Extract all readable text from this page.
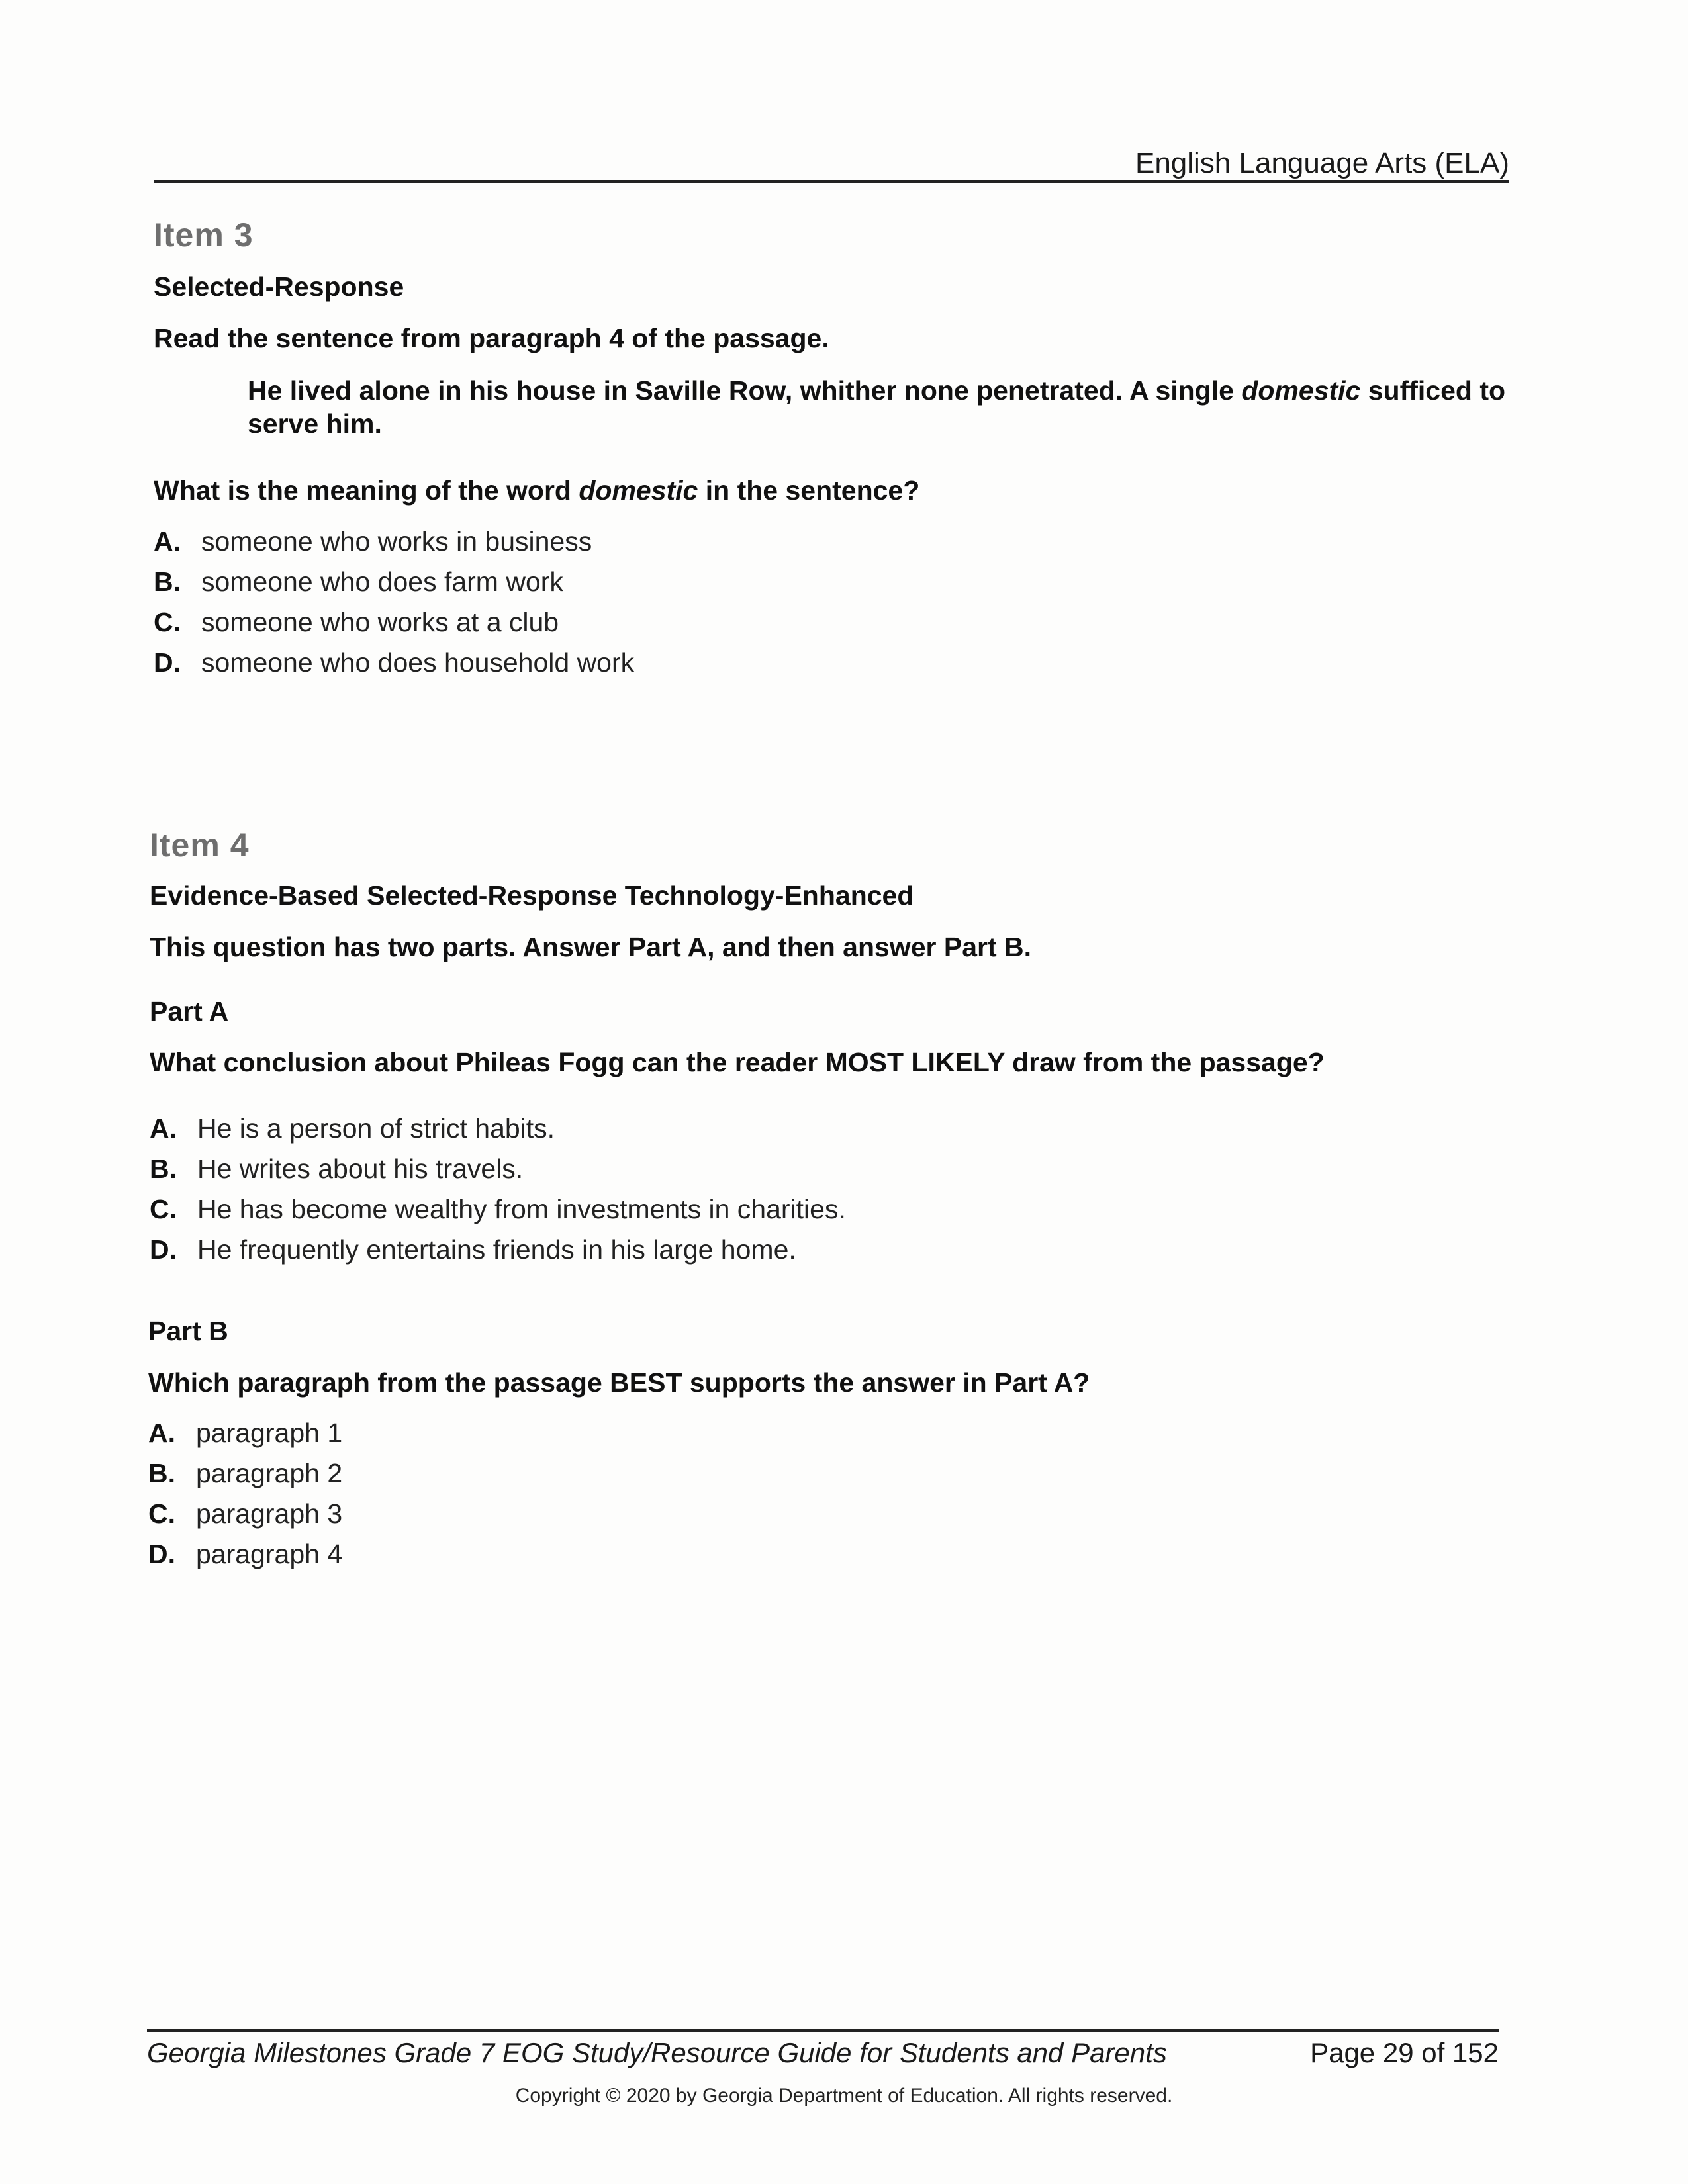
English Language Arts (ELA)
Item 3
Selected-Response
Read the sentence from paragraph 4 of the passage.
He lived alone in his house in Saville Row, whither none penetrated. A single domestic sufficed to serve him.
What is the meaning of the word domestic in the sentence?
A. someone who works in business
B. someone who does farm work
C. someone who works at a club
D. someone who does household work
Item 4
Evidence-Based Selected-Response Technology-Enhanced
This question has two parts. Answer Part A, and then answer Part B.
Part A
What conclusion about Phileas Fogg can the reader MOST LIKELY draw from the passage?
A. He is a person of strict habits.
B. He writes about his travels.
C. He has become wealthy from investments in charities.
D. He frequently entertains friends in his large home.
Part B
Which paragraph from the passage BEST supports the answer in Part A?
A. paragraph 1
B. paragraph 2
C. paragraph 3
D. paragraph 4
Georgia Milestones Grade 7 EOG Study/Resource Guide for Students and Parents	Page 29 of 152
Copyright © 2020 by Georgia Department of Education. All rights reserved.
